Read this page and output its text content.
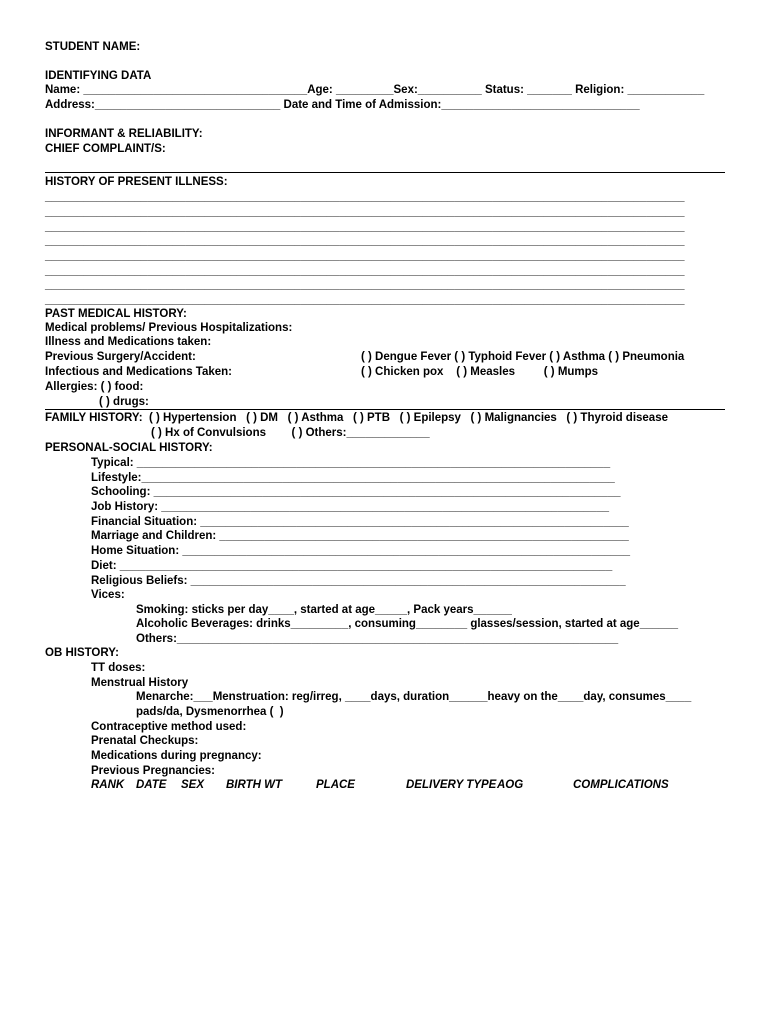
STUDENT NAME:
IDENTIFYING DATA
Name: ___________________________________Age: _________Sex:__________ Status: _______ Religion: ____________
Address:_____________________________ Date and Time of Admission:_______________________________
INFORMANT & RELIABILITY:
CHIEF COMPLAINT/S:
HISTORY OF PRESENT ILLNESS:
____________________________________________________________________________________________________
____________________________________________________________________________________________________
____________________________________________________________________________________________________
____________________________________________________________________________________________________
____________________________________________________________________________________________________
____________________________________________________________________________________________________
____________________________________________________________________________________________________
____________________________________________________________________________________________________
PAST MEDICAL HISTORY:
Medical problems/ Previous Hospitalizations:
Illness and Medications taken:
Previous Surgery/Accident:	( ) Dengue Fever ( ) Typhoid Fever ( ) Asthma ( ) Pneumonia
Infectious and Medications Taken:	( ) Chicken pox    ( ) Measles         ( ) Mumps
Allergies: ( ) food:
( ) drugs:
FAMILY HISTORY:  ( ) Hypertension   ( ) DM   ( ) Asthma   ( ) PTB   ( ) Epilepsy   ( ) Malignancies   ( ) Thyroid disease
( ) Hx of Convulsions        ( ) Others:_____________
PERSONAL-SOCIAL HISTORY:
Typical: __________________________________________________________________________
Lifestyle:__________________________________________________________________________
Schooling: _________________________________________________________________________
Job History: ______________________________________________________________________
Financial Situation: ___________________________________________________________________
Marriage and Children: ________________________________________________________________
Home Situation: ______________________________________________________________________
Diet: _____________________________________________________________________________
Religious Beliefs: ____________________________________________________________________
Vices:
Smoking: sticks per day____, started at age_____, Pack years______
Alcoholic Beverages: drinks_________, consuming________ glasses/session, started at age______
Others:_____________________________________________________________________
OB HISTORY:
TT doses:
Menstrual History
Menarche:___Menstruation: reg/irreg, ____days, duration______heavy on the____day, consumes____
pads/da, Dysmenorrhea (  )
Contraceptive method used:
Prenatal Checkups:
Medications during pregnancy:
Previous Pregnancies:
RANK DATE SEX BIRTH WT	PLACE	DELIVERY TYPE AOG	COMPLICATIONS
